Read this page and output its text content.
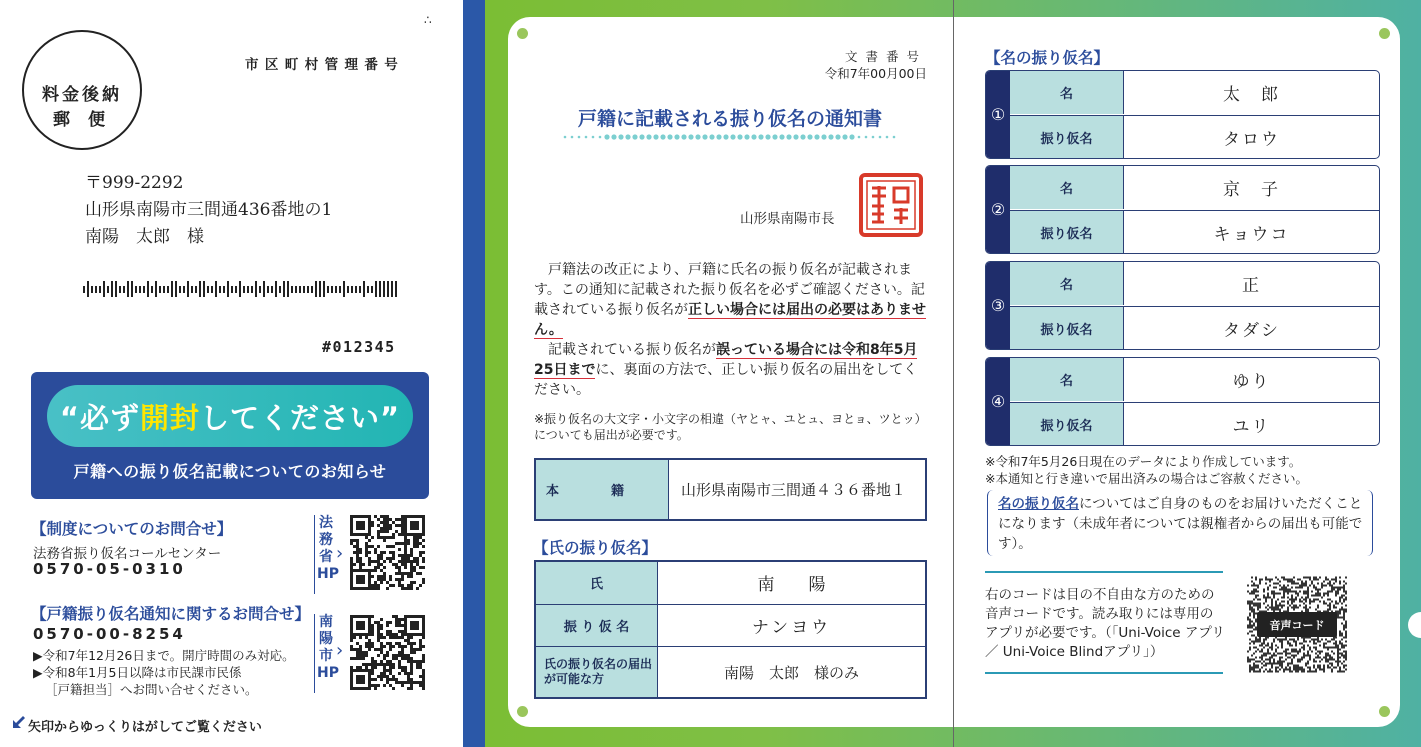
料金後納
郵 便
市区町村管理番号
∴
〒999-2292
山形県南陽市三間通436番地の1
南陽　太郎　様
#012345
“必ず開封してください”
戸籍への振り仮名記載についてのお知らせ
【制度についてのお問合せ】
法務省振り仮名コールセンター
0570-05-0310
【戸籍振り仮名通知に関するお問合せ】
0570-00-8254
▶令和7年12月26日まで。開庁時間のみ対応。
▶令和8年1月5日以降は市民課市民係
［戸籍担当］へお問い合せください。
法務省HP
›
南陽市HP
›
矢印からゆっくりはがしてご覧ください
文書番号
令和7年00月00日
戸籍に記載される振り仮名の通知書
山形県南陽市長

戸籍法の改正により、戸籍に氏名の振り仮名が記載されます。この通知に記載された振り仮名を必ずご確認ください。記載されている振り仮名が正しい場合には届出の必要はありません。

記載されている振り仮名が誤っている場合には令和8年5月25日までに、裏面の方法で、正しい振り仮名の届出をしてください。

※振り仮名の大文字・小文字の相違（ヤとャ、ユとュ、ヨとョ、ツとッ）についても届出が必要です。
本　　　　籍	山形県南陽市三間通４３６番地１
【氏の振り仮名】
氏	南　　陽
振 り 仮 名	ナンヨウ
氏の振り仮名の届出が可能な方	南陽　太郎　様のみ
【名の振り仮名】
①
名	太　郎
振り仮名	タロウ
②
名	京　子
振り仮名	キョウコ
③
名	正
振り仮名	タダシ
④
名	ゆり
振り仮名	ユリ
※令和7年5月26日現在のデータにより作成しています。
※本通知と行き違いで届出済みの場合はご容赦ください。
名の振り仮名についてはご自身のものをお届けいただくことになります（未成年者については親権者からの届出も可能です）。
右のコードは目の不自由な方のための音声コードです。読み取りには専用のアプリが必要です。（「Uni-Voice アプリ／ Uni-Voice Blindアプリ」）
音声コード
